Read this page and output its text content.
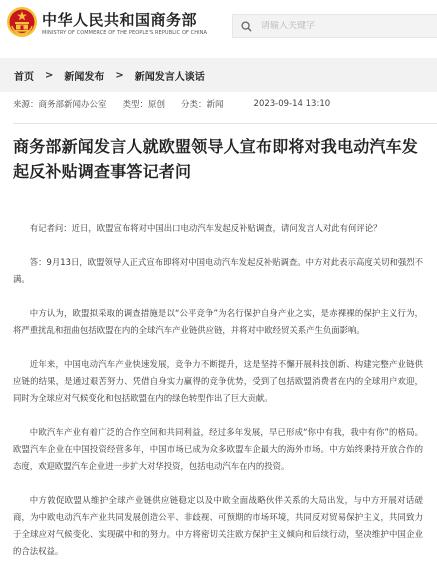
中华人民共和国商务部
MINISTRY OF COMMERCE OF THE PEOPLE'S REPUBLIC OF CHINA
请输入关键字
首页 > 新闻发布 > 新闻发言人谈话
来源：商务部新闻办公室 类型：原创 分类：新闻	2023-09-14 13:10
商务部新闻发言人就欧盟领导人宣布即将对我电动汽车发起反补贴调查事答记者问

有记者问：近日，欧盟宣布将对中国出口电动汽车发起反补贴调查，请问发言人对此有何评论？

答：9月13日，欧盟领导人正式宣布即将对中国电动汽车发起反补贴调查。中方对此表示高度关切和强烈不满。

中方认为，欧盟拟采取的调查措施是以“公平竞争”为名行保护自身产业之实，是赤裸裸的保护主义行为，将严重扰乱和扭曲包括欧盟在内的全球汽车产业链供应链，并将对中欧经贸关系产生负面影响。

近年来，中国电动汽车产业快速发展，竞争力不断提升，这是坚持不懈开展科技创新、构建完整产业链供应链的结果，是通过艰苦努力、凭借自身实力赢得的竞争优势，受到了包括欧盟消费者在内的全球用户欢迎，同时为全球应对气候变化和包括欧盟在内的绿色转型作出了巨大贡献。

中欧汽车产业有着广泛的合作空间和共同利益，经过多年发展，早已形成“你中有我，我中有你”的格局。欧盟汽车企业在中国投资经营多年，中国市场已成为众多欧盟车企最大的海外市场。中方始终秉持开放合作的态度，欢迎欧盟汽车企业进一步扩大对华投资，包括电动汽车在内的投资。

中方敦促欧盟从维护全球产业链供应链稳定以及中欧全面战略伙伴关系的大局出发，与中方开展对话磋商，为中欧电动汽车产业共同发展创造公平、非歧视、可预期的市场环境，共同反对贸易保护主义，共同致力于全球应对气候变化、实现碳中和的努力。中方将密切关注欧方保护主义倾向和后续行动，坚决维护中国企业的合法权益。
